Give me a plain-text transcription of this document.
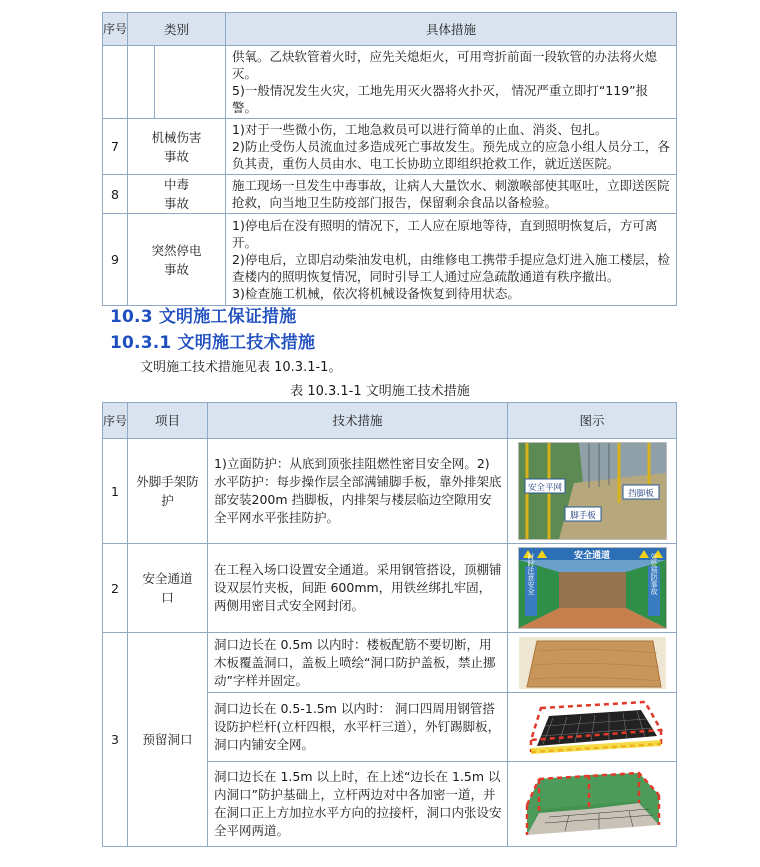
序号	类别		具体措施

			供氧。乙炔软管着火时，应先关熄炬火，可用弯折前面一段软管的办法将火熄灭。
5)一般情况发生火灾，工地先用灭火器将火扑灭， 情况严重立即打“119”报警。

7	机械伤害事故		1)对于一些微小伤，工地急救员可以进行简单的止血、消炎、包扎。
2)防止受伤人员流血过多造成死亡事故发生。预先成立的应急小组人员分工，各负其责，重伤人员由水、电工长协助立即组织抢救工作，就近送医院。

8	中毒事故		施工现场一旦发生中毒事故，让病人大量饮水、刺激喉部使其呕吐，立即送医院抢救，向当地卫生防疫部门报告，保留剩余食品以备检验。

9	突然停电事故		1)停电后在没有照明的情况下，工人应在原地等待，直到照明恢复后，方可离开。
2)停电后，立即启动柴油发电机，由维修电工携带手提应急灯进入施工楼层，检查楼内的照明恢复情况，同时引导工人通过应急疏散通道有秩序撤出。
3)检查施工机械，依次将机械设备恢复到待用状态。
10.3 文明施工保证措施
10.3.1 文明施工技术措施
文明施工技术措施见表 10.3.1-1。
表 10.3.1-1 文明施工技术措施
序号	项目	技术措施	图示
1	外脚手架防护	1)立面防护：从底到顶张挂阻燃性密目安全网。2)水平防护：每步操作层全部满铺脚手板，靠外排架底部安装200m 挡脚板，内排架与楼层临边空隙用安全平网水平张挂防护。	安全平网
挡脚板
脚手板

2	安全通道口	在工程入场口设置安全通道。采用钢管搭设，顶棚铺设双层竹夹板，间距 600mm，用铁丝绑扎牢固，两侧用密目式安全网封闭。	安全通道
时时注意安全 处处预防事故

3	预留洞口	洞口边长在 0.5m 以内时：楼板配筋不要切断，用木板覆盖洞口，盖板上喷绘“洞口防护盖板，禁止挪动”字样并固定。	

		洞口边长在 0.5-1.5m 以内时： 洞口四周用钢管搭设防护栏杆(立杆四根，水平杆三道），外钉踢脚板，洞口内铺安全网。	

		洞口边长在 1.5m 以上时，在上述“边长在 1.5m 以内洞口”防护基础上，立杆两边对中各加密一道，并在洞口正上方加拉水平方向的拉接杆，洞口内张设安全平网两道。	
